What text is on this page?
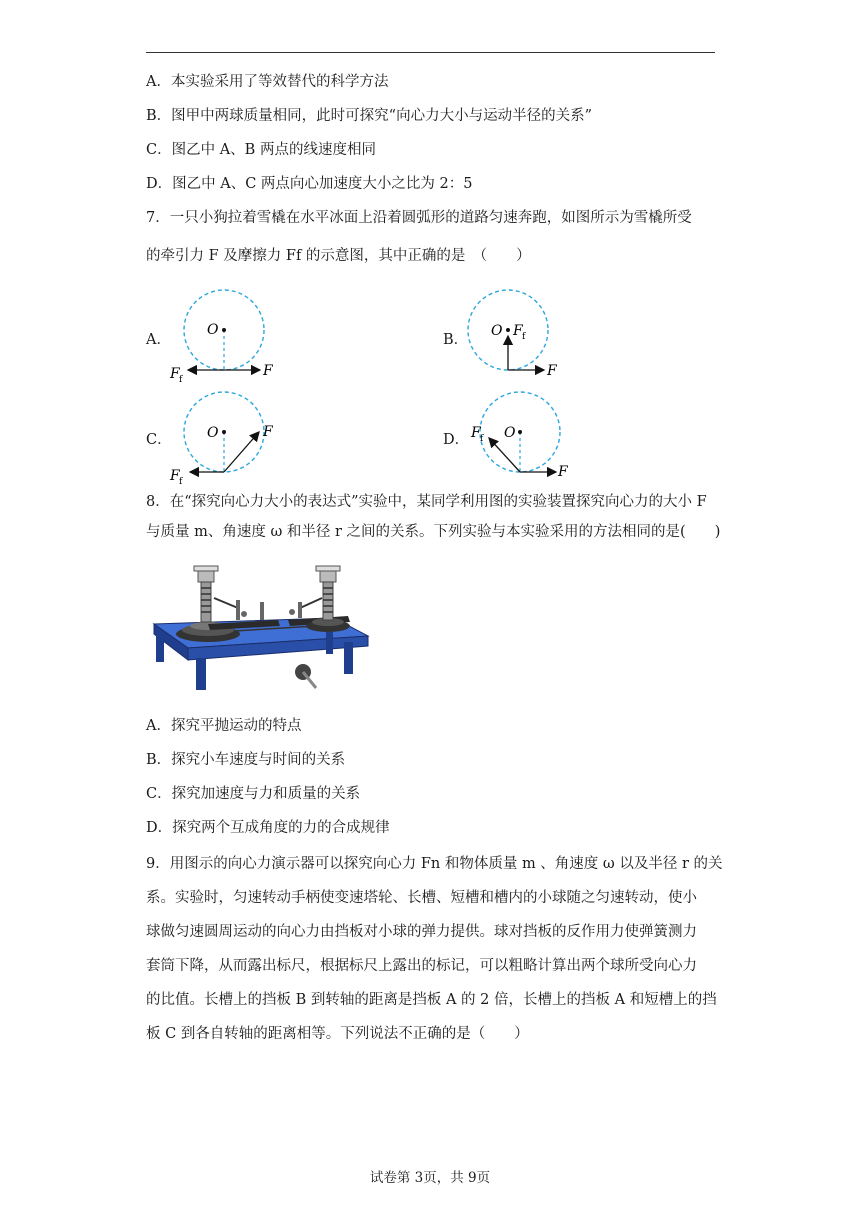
A．本实验采用了等效替代的科学方法
B．图甲中两球质量相同，此时可探究“向心力大小与运动半径的关系”
C．图乙中 A、B 两点的线速度相同
D．图乙中 A、C 两点向心加速度大小之比为 2：5
7．一只小狗拉着雪橇在水平冰面上沿着圆弧形的道路匀速奔跑，如图所示为雪橇所受
的牵引力 F 及摩擦力 Ff 的示意图，其中正确的是　（　　）
A．	B．
C．	D．
O
F
F f
O
F
F f
O	F
F f
O
F
F f
8．在“探究向心力大小的表达式”实验中，某同学利用图的实验装置探究向心力的大小 F
与质量 m、角速度 ω 和半径 r 之间的关系。下列实验与本实验采用的方法相同的是(　　)
A．探究平抛运动的特点
B．探究小车速度与时间的关系
C．探究加速度与力和质量的关系
D．探究两个互成角度的力的合成规律
9．用图示的向心力演示器可以探究向心力 Fn 和物体质量 m 、角速度 ω 以及半径 r 的关
系。实验时，匀速转动手柄使变速塔轮、长槽、短槽和槽内的小球随之匀速转动，使小
球做匀速圆周运动的向心力由挡板对小球的弹力提供。球对挡板的反作用力使弹簧测力
套筒下降，从而露出标尺，根据标尺上露出的标记，可以粗略计算出两个球所受向心力
的比值。长槽上的挡板 B 到转轴的距离是挡板 A 的 2 倍，长槽上的挡板 A 和短槽上的挡
板 C 到各自转轴的距离相等。下列说法不正确的是（　　）
试卷第 3页，共 9页
